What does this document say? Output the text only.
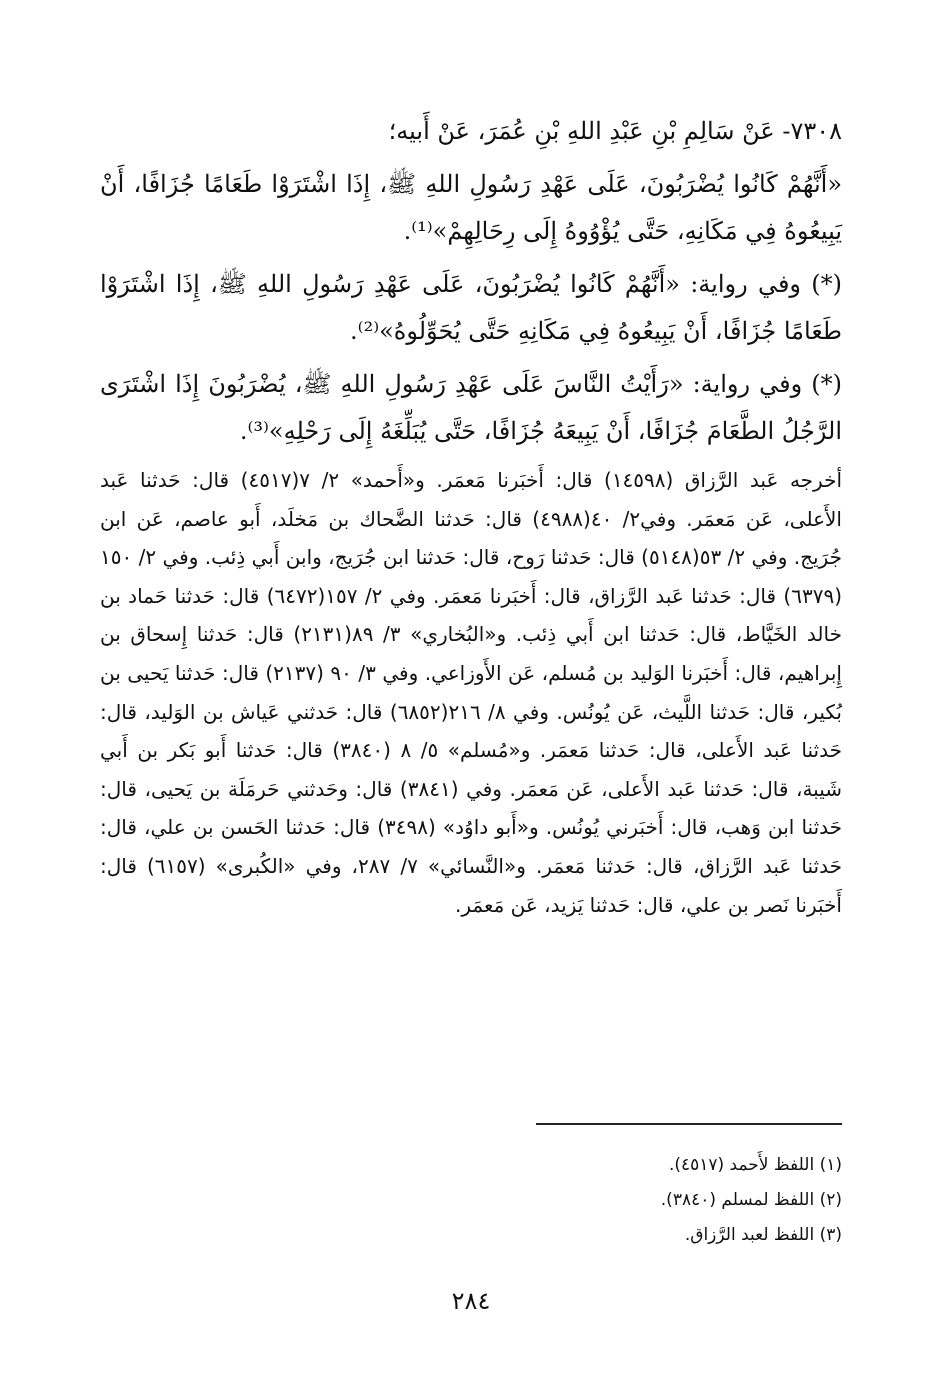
٧٣٠٨- عَنْ سَالِمِ بْنِ عَبْدِ اللهِ بْنِ عُمَرَ، عَنْ أَبيه؛

«أَنَّهُمْ كَانُوا يُضْرَبُونَ، عَلَى عَهْدِ رَسُولِ اللهِ ﷺ، إِذَا اشْتَرَوْا طَعَامًا جُزَافًا، أَنْ يَبِيعُوهُ فِي مَكَانِهِ، حَتَّى يُؤْوُوهُ إِلَى رِحَالِهِمْ»⁽¹⁾.

(*) وفي رواية: «أَنَّهُمْ كَانُوا يُضْرَبُونَ، عَلَى عَهْدِ رَسُولِ اللهِ ﷺ، إِذَا اشْتَرَوْا طَعَامًا جُزَافًا، أَنْ يَبِيعُوهُ فِي مَكَانِهِ حَتَّى يُحَوِّلُوهُ»⁽²⁾.

(*) وفي رواية: «رَأَيْتُ النَّاسَ عَلَى عَهْدِ رَسُولِ اللهِ ﷺ، يُضْرَبُونَ إِذَا اشْتَرَى الرَّجُلُ الطَّعَامَ جُزَافًا، أَنْ يَبِيعَهُ جُزَافًا، حَتَّى يُبَلِّغَهُ إِلَى رَحْلِهِ»⁽³⁾.

أخرجه عَبد الرَّزاق (١٤٥٩٨) قال: أَخبَرنا مَعمَر. و«أَحمد» ٢/ ٧(٤٥١٧) قال: حَدثنا عَبد الأَعلى، عَن مَعمَر. وفي٢/ ٤٠(٤٩٨٨) قال: حَدثنا الضَّحاك بن مَخلَد، أَبو عاصم، عَن ابن جُرَيج. وفي ٢/ ٥٣(٥١٤٨) قال: حَدثنا رَوح، قال: حَدثنا ابن جُرَيج، وابن أَبي ذِئب. وفي ٢/ ١٥٠ (٦٣٧٩) قال: حَدثنا عَبد الرَّزاق، قال: أَخبَرنا مَعمَر. وفي ٢/ ١٥٧(٦٤٧٢) قال: حَدثنا حَماد بن خالد الخَيَّاط، قال: حَدثنا ابن أَبي ذِئب. و«البُخاري» ٣/ ٨٩(٢١٣١) قال: حَدثنا إِسحاق بن إِبراهيم، قال: أَخبَرنا الوَليد بن مُسلم، عَن الأَوزاعي. وفي ٣/ ٩٠ (٢١٣٧) قال: حَدثنا يَحيى بن بُكير، قال: حَدثنا اللَّيث، عَن يُونُس. وفي ٨/ ٢١٦(٦٨٥٢) قال: حَدثني عَياش بن الوَليد، قال: حَدثنا عَبد الأَعلى، قال: حَدثنا مَعمَر. و«مُسلم» ٥/ ٨ (٣٨٤٠) قال: حَدثنا أَبو بَكر بن أَبي شَيبة، قال: حَدثنا عَبد الأَعلى، عَن مَعمَر. وفي (٣٨٤١) قال: وحَدثني حَرمَلَة بن يَحيى، قال: حَدثنا ابن وَهب، قال: أَخبَرني يُونُس. و«أَبو داوُد» (٣٤٩٨) قال: حَدثنا الحَسن بن علي، قال: حَدثنا عَبد الرَّزاق، قال: حَدثنا مَعمَر. و«النَّسائي» ٧/ ٢٨٧، وفي «الكُبرى» (٦١٥٧) قال: أَخبَرنا نَصر بن علي، قال: حَدثنا يَزيد، عَن مَعمَر.

(١) اللفظ لأَحمد (٤٥١٧).
(٢) اللفظ لمسلم (٣٨٤٠).
(٣) اللفظ لعبد الرَّزاق.
٢٨٤
